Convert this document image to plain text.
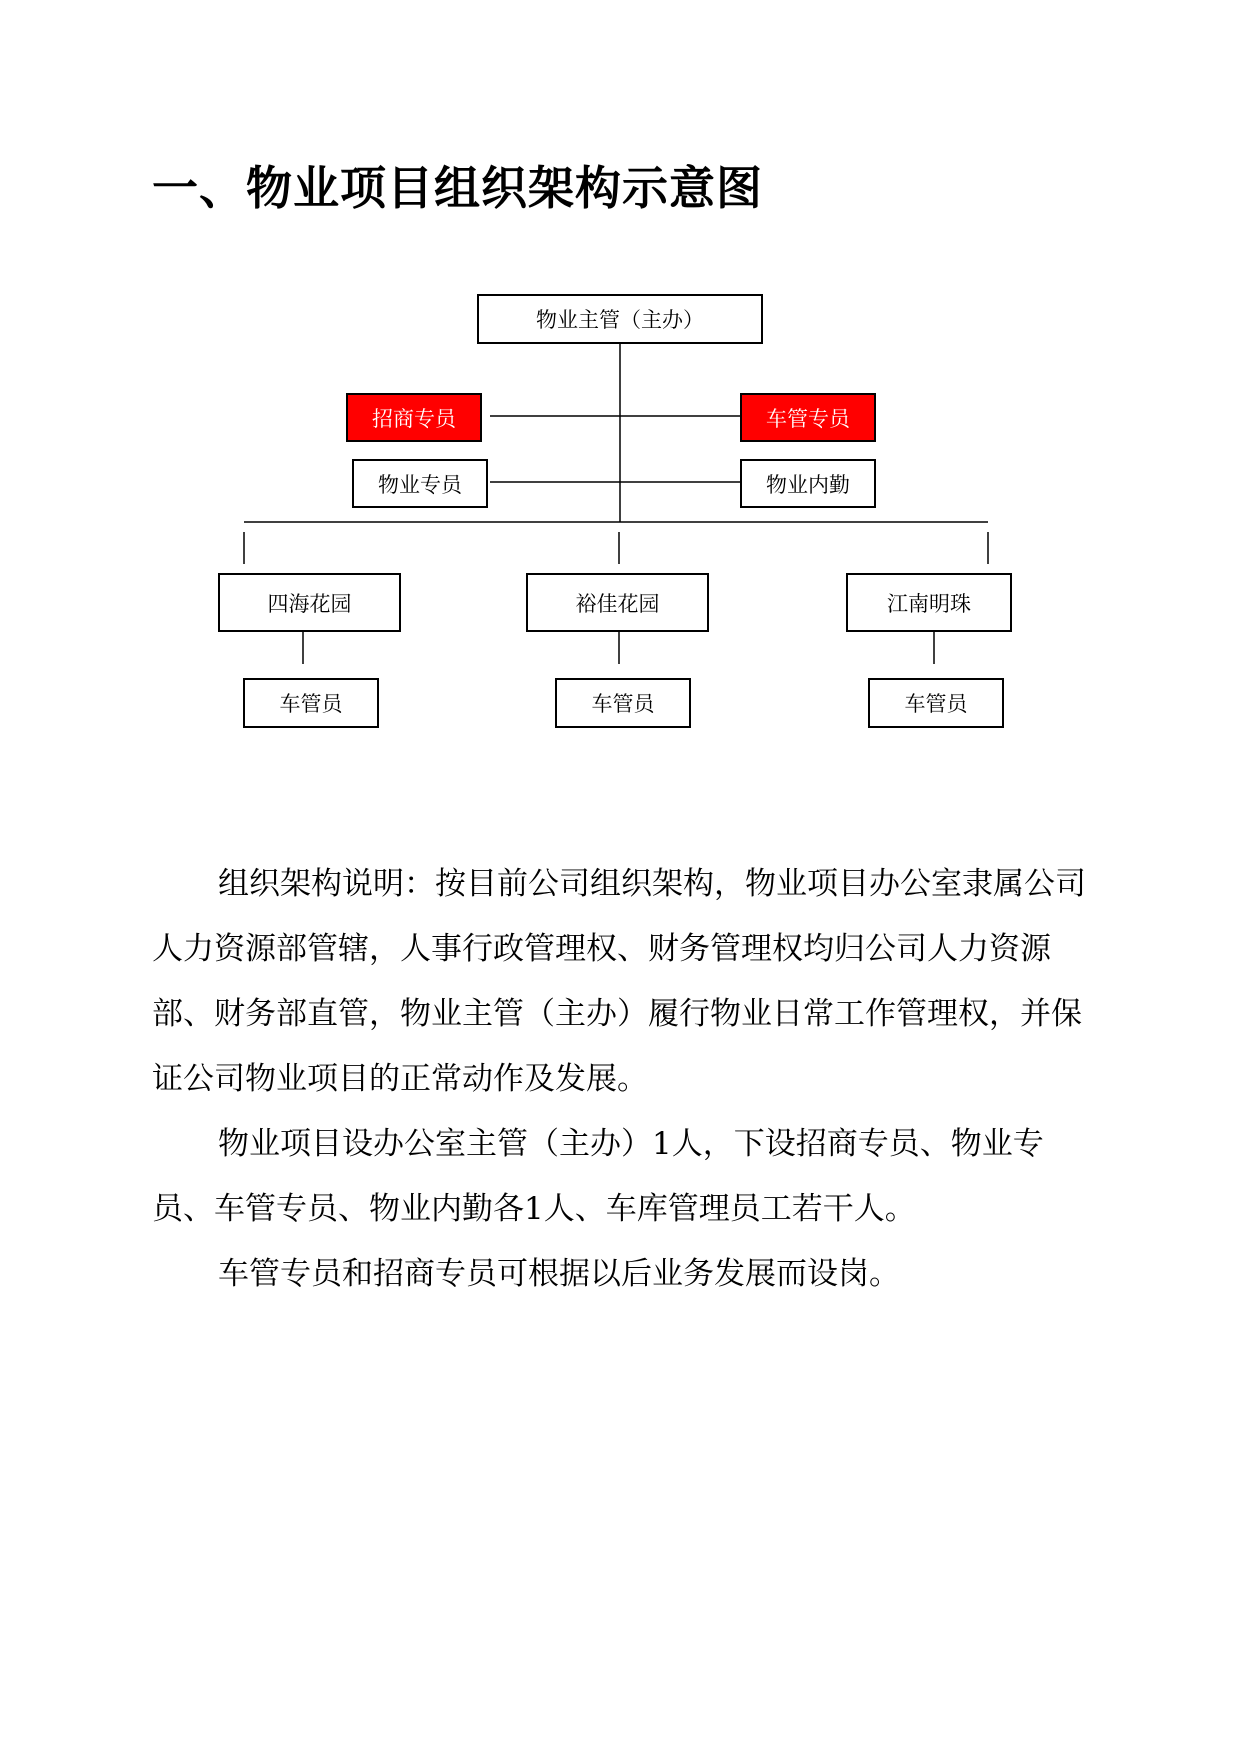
一、物业项目组织架构示意图
物业主管（主办）
招商专员	车管专员
物业专员	物业内勤
四海花园	裕佳花园	江南明珠
车管员	车管员	车管员

组织架构说明：按目前公司组织架构，物业项目办公室隶属公司人力资源部管辖，人事行政管理权、财务管理权均归公司人力资源部、财务部直管，物业主管（主办）履行物业日常工作管理权，并保证公司物业项目的正常动作及发展。

物业项目设办公室主管（主办）1人，下设招商专员、物业专员、车管专员、物业内勤各1人、车库管理员工若干人。

车管专员和招商专员可根据以后业务发展而设岗。
